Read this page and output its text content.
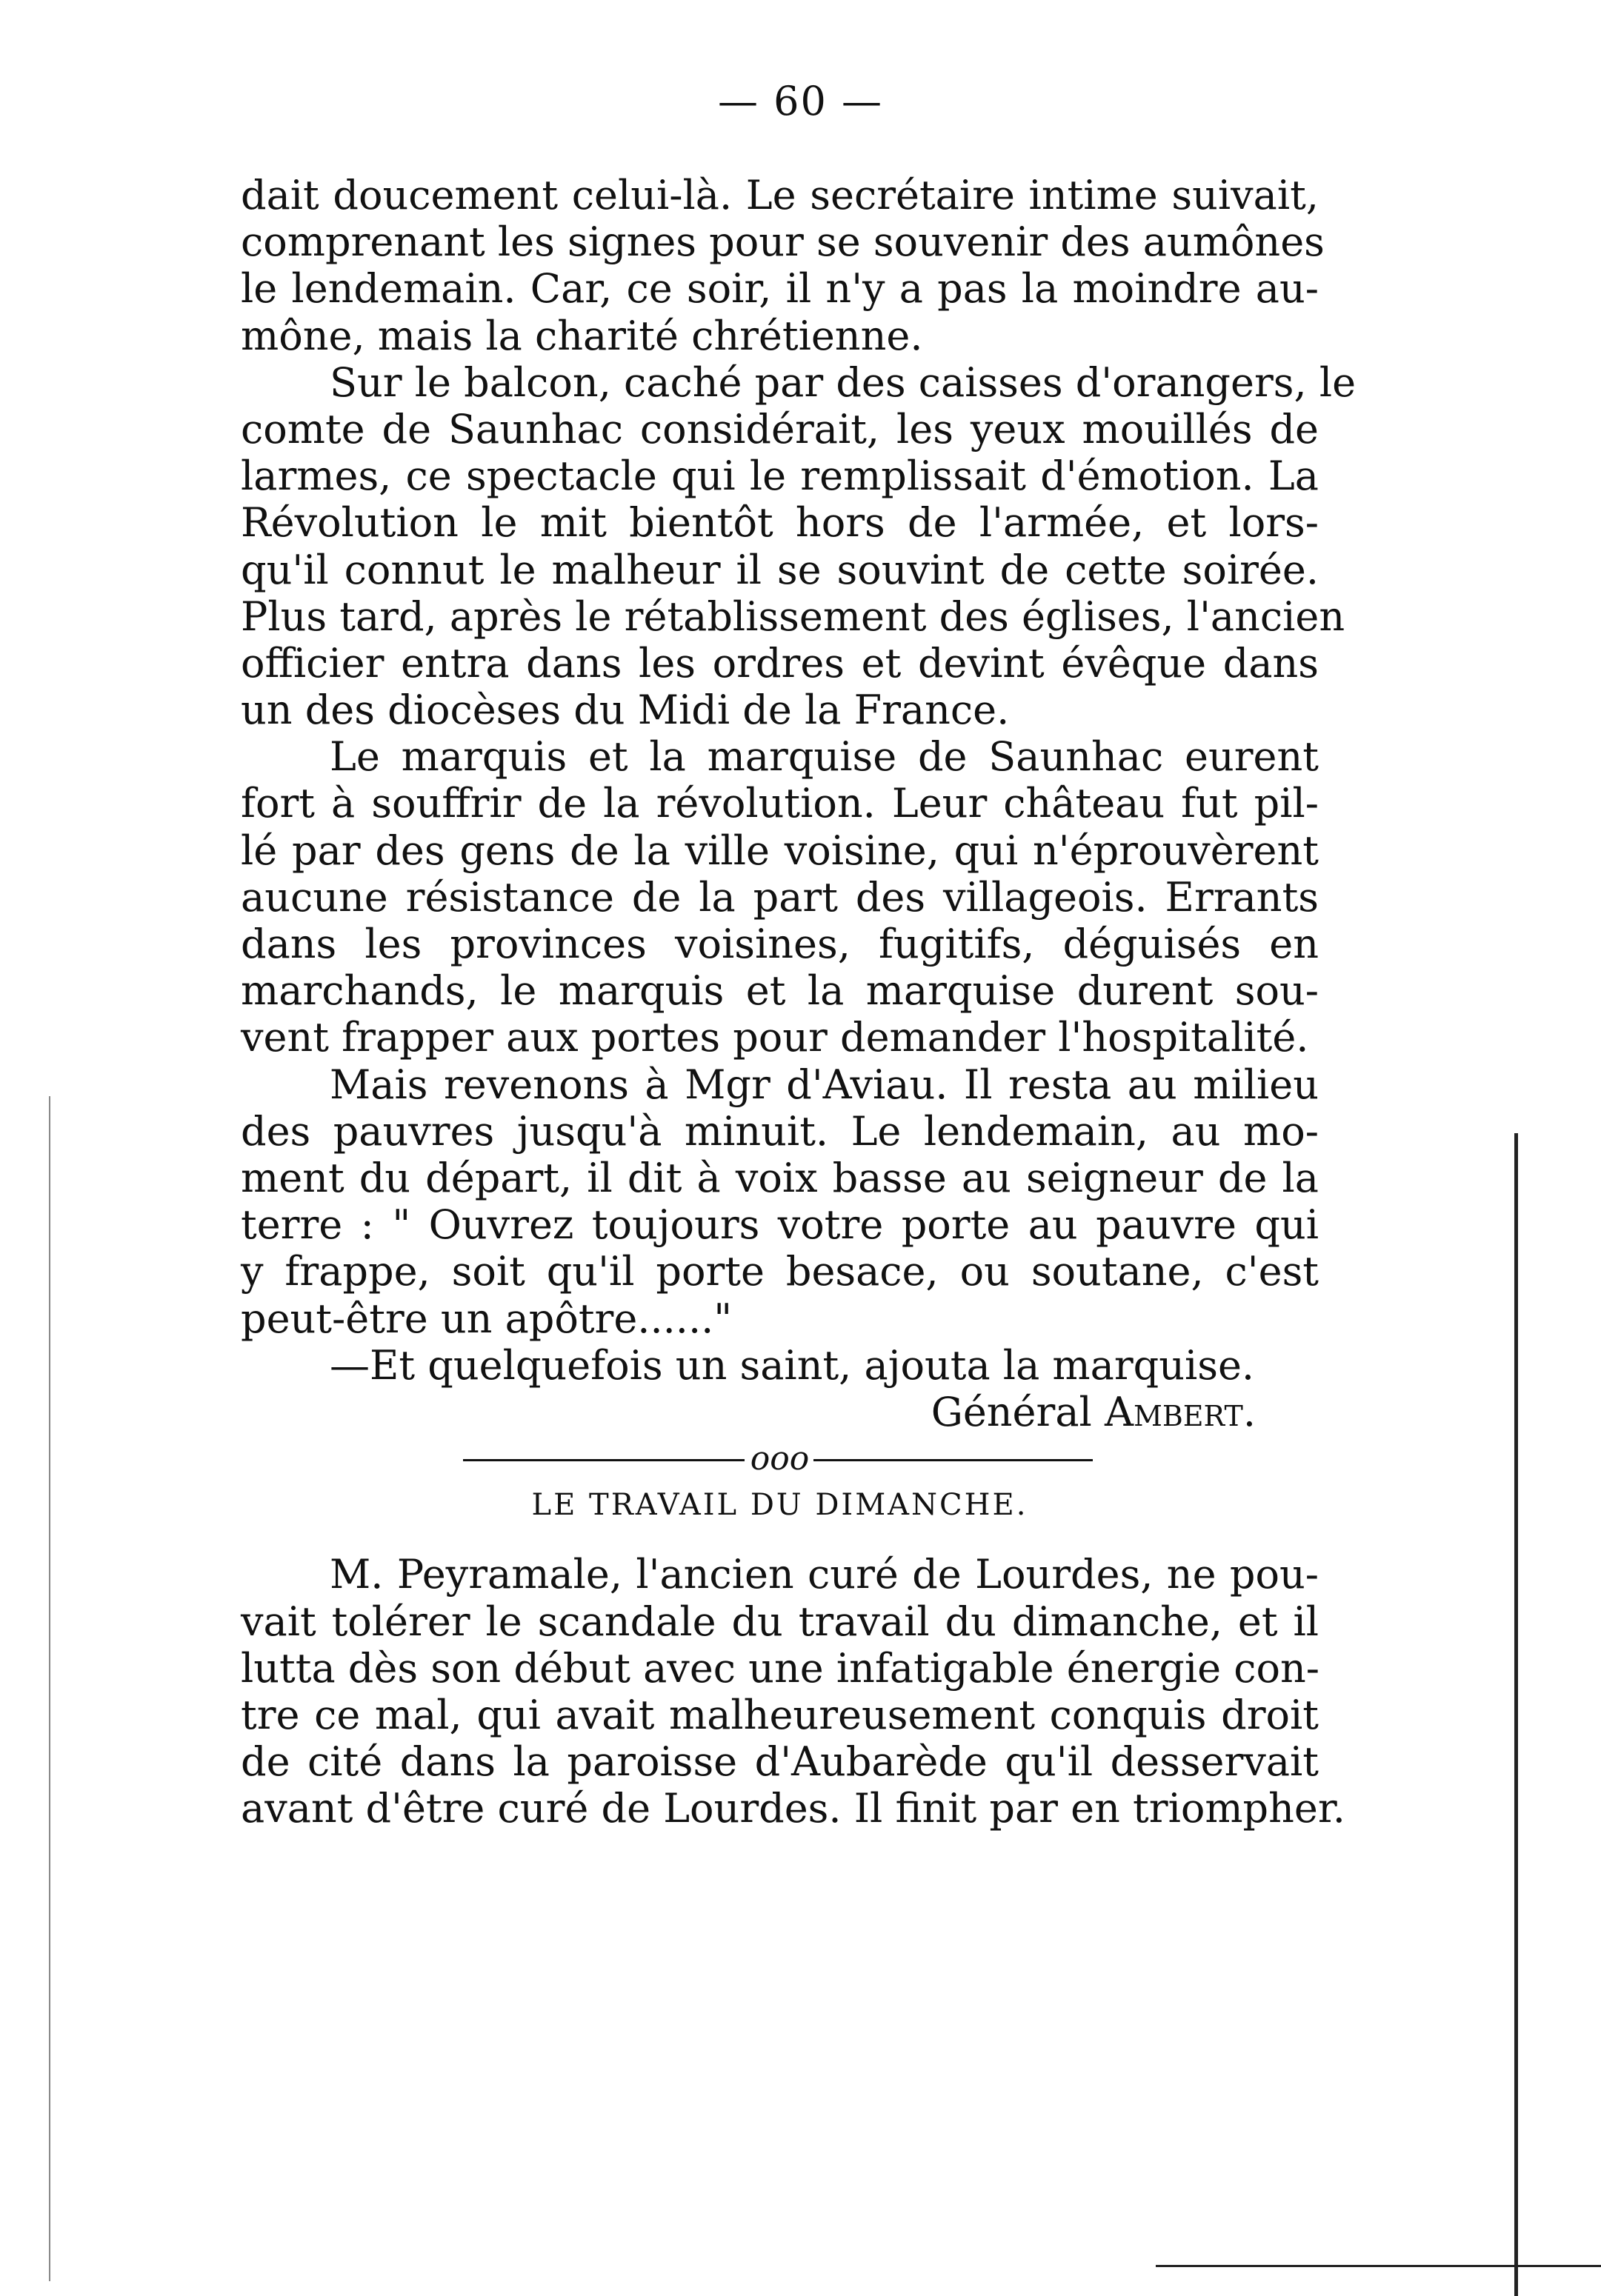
— 60 —
dait doucement celui-là. Le secrétaire intime suivait,
comprenant les signes pour se souvenir des aumônes
le lendemain. Car, ce soir, il n'y a pas la moindre au-
mône, mais la charité chrétienne.
Sur le balcon, caché par des caisses d'orangers, le
comte de Saunhac considérait, les yeux mouillés de
larmes, ce spectacle qui le remplissait d'émotion. La
Révolution le mit bientôt hors de l'armée, et lors-
qu'il connut le malheur il se souvint de cette soirée.
Plus tard, après le rétablissement des églises, l'ancien
officier entra dans les ordres et devint évêque dans
un des diocèses du Midi de la France.
Le marquis et la marquise de Saunhac eurent
fort à souffrir de la révolution. Leur château fut pil-
lé par des gens de la ville voisine, qui n'éprouvèrent
aucune résistance de la part des villageois. Errants
dans les provinces voisines, fugitifs, déguisés en
marchands, le marquis et la marquise durent sou-
vent frapper aux portes pour demander l'hospitalité.
Mais revenons à Mgr d'Aviau. Il resta au milieu
des pauvres jusqu'à minuit. Le lendemain, au mo-
ment du départ, il dit à voix basse au seigneur de la
terre : " Ouvrez toujours votre porte au pauvre qui
y frappe, soit qu'il porte besace, ou soutane, c'est
peut-être un apôtre......"
—Et quelquefois un saint, ajouta la marquise.
Général Ambert.
ooo
LE TRAVAIL DU DIMANCHE.
M. Peyramale, l'ancien curé de Lourdes, ne pou-
vait tolérer le scandale du travail du dimanche, et il
lutta dès son début avec une infatigable énergie con-
tre ce mal, qui avait malheureusement conquis droit
de cité dans la paroisse d'Aubarède qu'il desservait
avant d'être curé de Lourdes. Il finit par en triompher.
